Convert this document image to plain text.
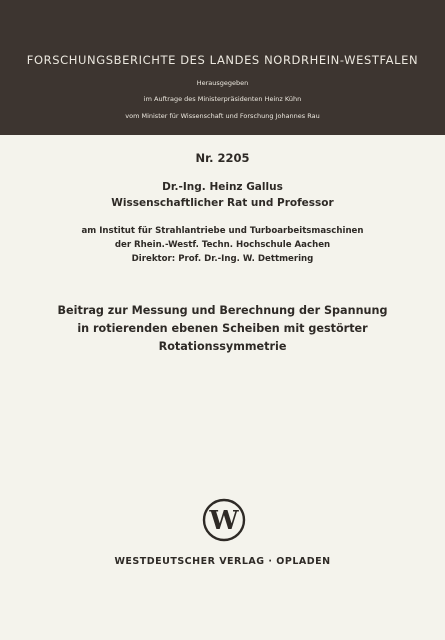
FORSCHUNGSBERICHTE DES LANDES NORDRHEIN-WESTFALEN
Herausgegeben
im Auftrage des Ministerpräsidenten Heinz Kühn
vom Minister für Wissenschaft und Forschung Johannes Rau
Nr. 2205
Dr.-Ing. Heinz Gallus
Wissenschaftlicher Rat und Professor
am Institut für Strahlantriebe und Turboarbeitsmaschinen
der Rhein.-Westf. Techn. Hochschule Aachen
Direktor: Prof. Dr.-Ing. W. Dettmering
Beitrag zur Messung und Berechnung der Spannung
in rotierenden ebenen Scheiben mit gestörter
Rotationssymmetrie
W
WESTDEUTSCHER VERLAG · OPLADEN
